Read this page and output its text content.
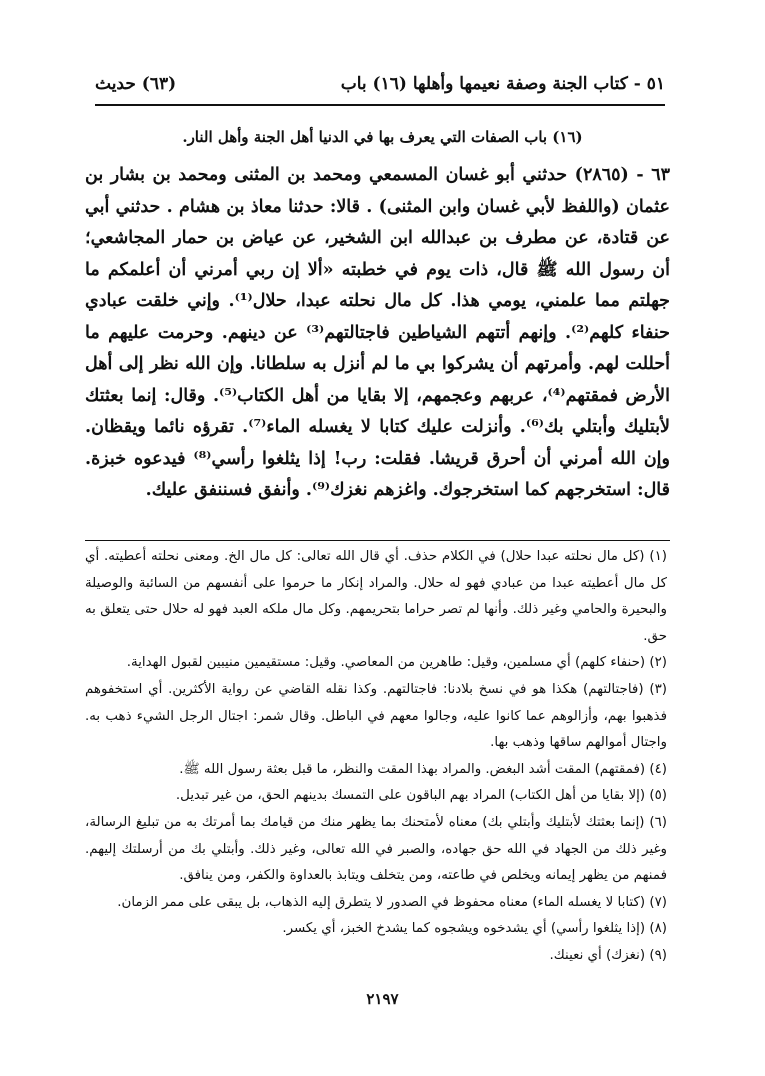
٥١ - كتاب الجنة وصفة نعيمها وأهلها (١٦) باب
(٦٣) حديث
(١٦) باب الصفات التي يعرف بها في الدنيا أهل الجنة وأهل النار.

٦٣ - (٢٨٦٥) حدثني أبو غسان المسمعي ومحمد بن المثنى ومحمد بن بشار بن عثمان (واللفظ لأبي غسان وابن المثنى) . قالا: حدثنا معاذ بن هشام . حدثني أبي عن قتادة، عن مطرف بن عبدالله ابن الشخير، عن عياض بن حمار المجاشعي؛ أن رسول الله ﷺ قال، ذات يوم في خطبته «ألا إن ربي أمرني أن أعلمكم ما جهلتم مما علمني، يومي هذا. كل مال نحلته عبدا، حلال⁽¹⁾. وإني خلقت عبادي حنفاء كلهم⁽²⁾. وإنهم أتتهم الشياطين فاجتالتهم⁽³⁾ عن دينهم. وحرمت عليهم ما أحللت لهم. وأمرتهم أن يشركوا بي ما لم أنزل به سلطانا. وإن الله نظر إلى أهل الأرض فمقتهم⁽⁴⁾، عربهم وعجمهم، إلا بقايا من أهل الكتاب⁽⁵⁾. وقال: إنما بعثتك لأبتليك وأبتلي بك⁽⁶⁾. وأنزلت عليك كتابا لا يغسله الماء⁽⁷⁾. تقرؤه نائما ويقظان. وإن الله أمرني أن أحرق قريشا. فقلت: رب! إذا يثلغوا رأسي⁽⁸⁾ فيدعوه خبزة. قال: استخرجهم كما استخرجوك. واغزهم نغزك⁽⁹⁾. وأنفق فسننفق عليك.

(١) (كل مال نحلته عبدا حلال) في الكلام حذف. أي قال الله تعالى: كل مال الخ. ومعنى نحلته أعطيته. أي كل مال أعطيته عبدا من عبادي فهو له حلال. والمراد إنكار ما حرموا على أنفسهم من السائبة والوصيلة والبحيرة والحامي وغير ذلك. وأنها لم تصر حراما بتحريمهم. وكل مال ملكه العبد فهو له حلال حتى يتعلق به حق.

(٢) (حنفاء كلهم) أي مسلمين، وقيل: طاهرين من المعاصي. وقيل: مستقيمين منيبين لقبول الهداية.

(٣) (فاجتالتهم) هكذا هو في نسخ بلادنا: فاجتالتهم. وكذا نقله القاضي عن رواية الأكثرين. أي استخفوهم فذهبوا بهم، وأزالوهم عما كانوا عليه، وجالوا معهم في الباطل. وقال شمر: اجتال الرجل الشيء ذهب به. واجتال أموالهم ساقها وذهب بها.

(٤) (فمقتهم) المقت أشد البغض. والمراد بهذا المقت والنظر، ما قبل بعثة رسول الله ﷺ.

(٥) (إلا بقايا من أهل الكتاب) المراد بهم الباقون على التمسك بدينهم الحق، من غير تبديل.

(٦) (إنما بعثتك لأبتليك وأبتلي بك) معناه لأمتحنك بما يظهر منك من قيامك بما أمرتك به من تبليغ الرسالة، وغير ذلك من الجهاد في الله حق جهاده، والصبر في الله تعالى، وغير ذلك. وأبتلي بك من أرسلتك إليهم. فمنهم من يظهر إيمانه ويخلص في طاعته، ومن يتخلف ويتابذ بالعداوة والكفر، ومن ينافق.

(٧) (كتابا لا يغسله الماء) معناه محفوظ في الصدور لا يتطرق إليه الذهاب، بل يبقى على ممر الزمان.

(٨) (إذا يثلغوا رأسي) أي يشدخوه ويشجوه كما يشدخ الخبز، أي يكسر.

(٩) (نغزك) أي نعينك.

٢١٩٧
